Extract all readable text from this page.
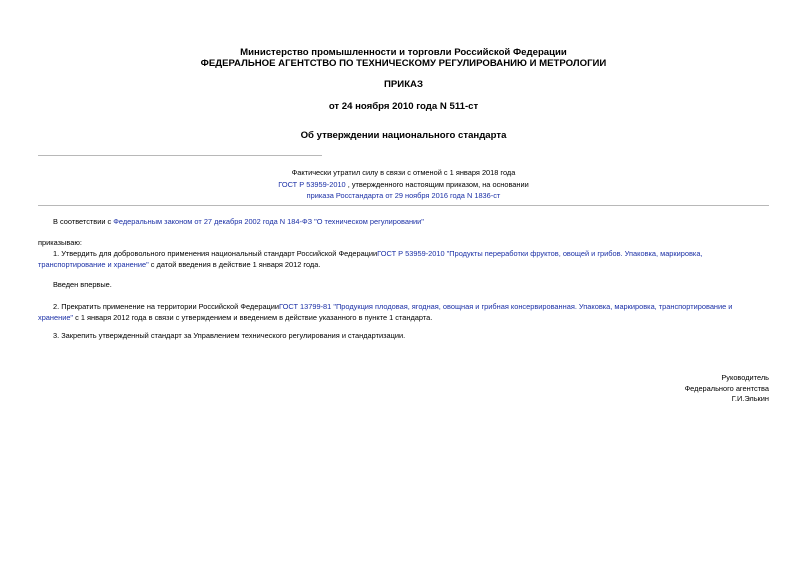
Министерство промышленности и торговли Российской Федерации
ФЕДЕРАЛЬНОЕ АГЕНТСТВО ПО ТЕХНИЧЕСКОМУ РЕГУЛИРОВАНИЮ И МЕТРОЛОГИИ
ПРИКАЗ
от 24 ноября 2010 года N 511-ст
Об утверждении национального стандарта
Фактически утратил силу в связи с отменой с 1 января 2018 года
ГОСТ Р 53959-2010 , утвержденного настоящим приказом, на основании
приказа Росстандарта от 29 ноября 2016 года N 1836-ст
В соответствии с Федеральным законом от 27 декабря 2002 года N 184-ФЗ "О техническом регулировании"
приказываю:
1. Утвердить для добровольного применения национальный стандарт Российской ФедерацииГОСТ Р 53959-2010 "Продукты переработки фруктов, овощей и грибов. Упаковка, маркировка, транспортирование и хранение" с датой введения в действие 1 января 2012 года.
Введен впервые.
2. Прекратить применение на территории Российской ФедерацииГОСТ 13799-81 "Продукция плодовая, ягодная, овощная и грибная консервированная. Упаковка, маркировка, транспортирование и хранение" с 1 января 2012 года в связи с утверждением и введением в действие указанного в пункте 1 стандарта.
3. Закрепить утвержденный стандарт за Управлением технического регулирования и стандартизации.
Руководитель
Федерального агентства
Г.И.Элькин
